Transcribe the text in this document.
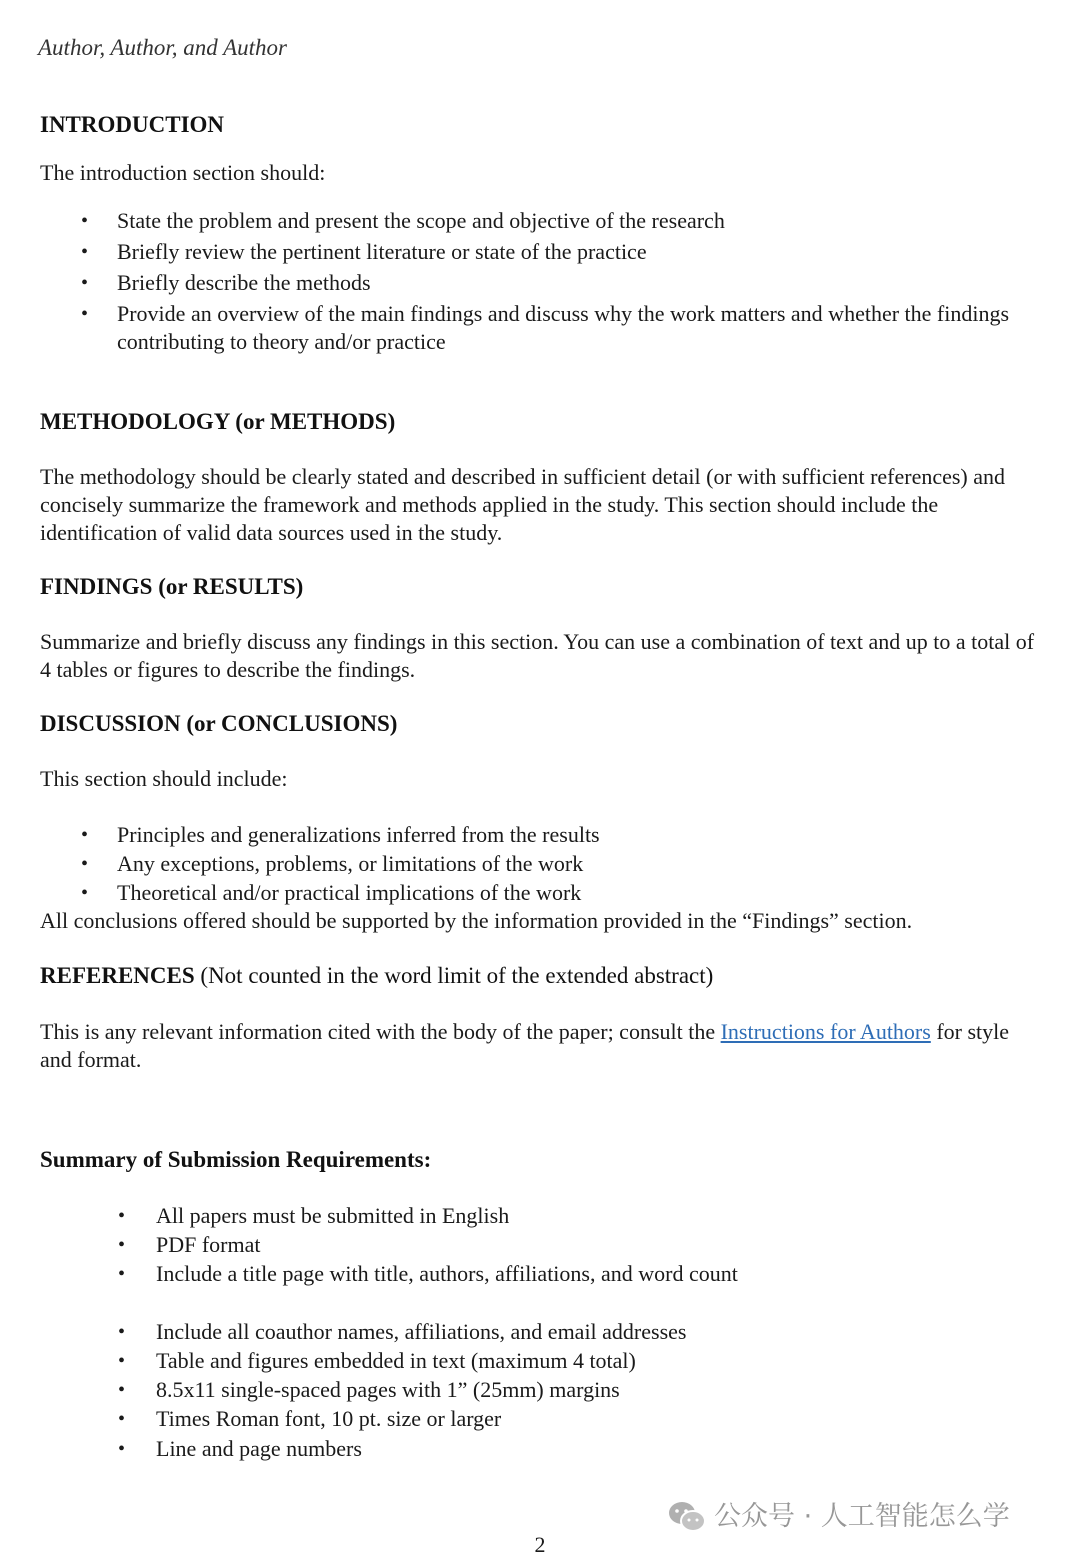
Author, Author, and Author
INTRODUCTION
The introduction section should:
• State the problem and present the scope and objective of the research
• Briefly review the pertinent literature or state of the practice
• Briefly describe the methods
• Provide an overview of the main findings and discuss why the work matters and whether the findings contributing to theory and/or practice
METHODOLOGY (or METHODS)
The methodology should be clearly stated and described in sufficient detail (or with sufficient references) and concisely summarize the framework and methods applied in the study. This section should include the identification of valid data sources used in the study.
FINDINGS (or RESULTS)
Summarize and briefly discuss any findings in this section. You can use a combination of text and up to a total of 4 tables or figures to describe the findings.
DISCUSSION (or CONCLUSIONS)
This section should include:
• Principles and generalizations inferred from the results
• Any exceptions, problems, or limitations of the work
• Theoretical and/or practical implications of the work
All conclusions offered should be supported by the information provided in the “Findings” section.
REFERENCES (Not counted in the word limit of the extended abstract)
This is any relevant information cited with the body of the paper; consult the Instructions for Authors for style and format.
Summary of Submission Requirements:
• All papers must be submitted in English
• PDF format
• Include a title page with title, authors, affiliations, and word count
• Include all coauthor names, affiliations, and email addresses
• Table and figures embedded in text (maximum 4 total)
• 8.5x11 single-spaced pages with 1” (25mm) margins
• Times Roman font, 10 pt. size or larger
• Line and page numbers
公众号 · 人工智能怎么学
2
